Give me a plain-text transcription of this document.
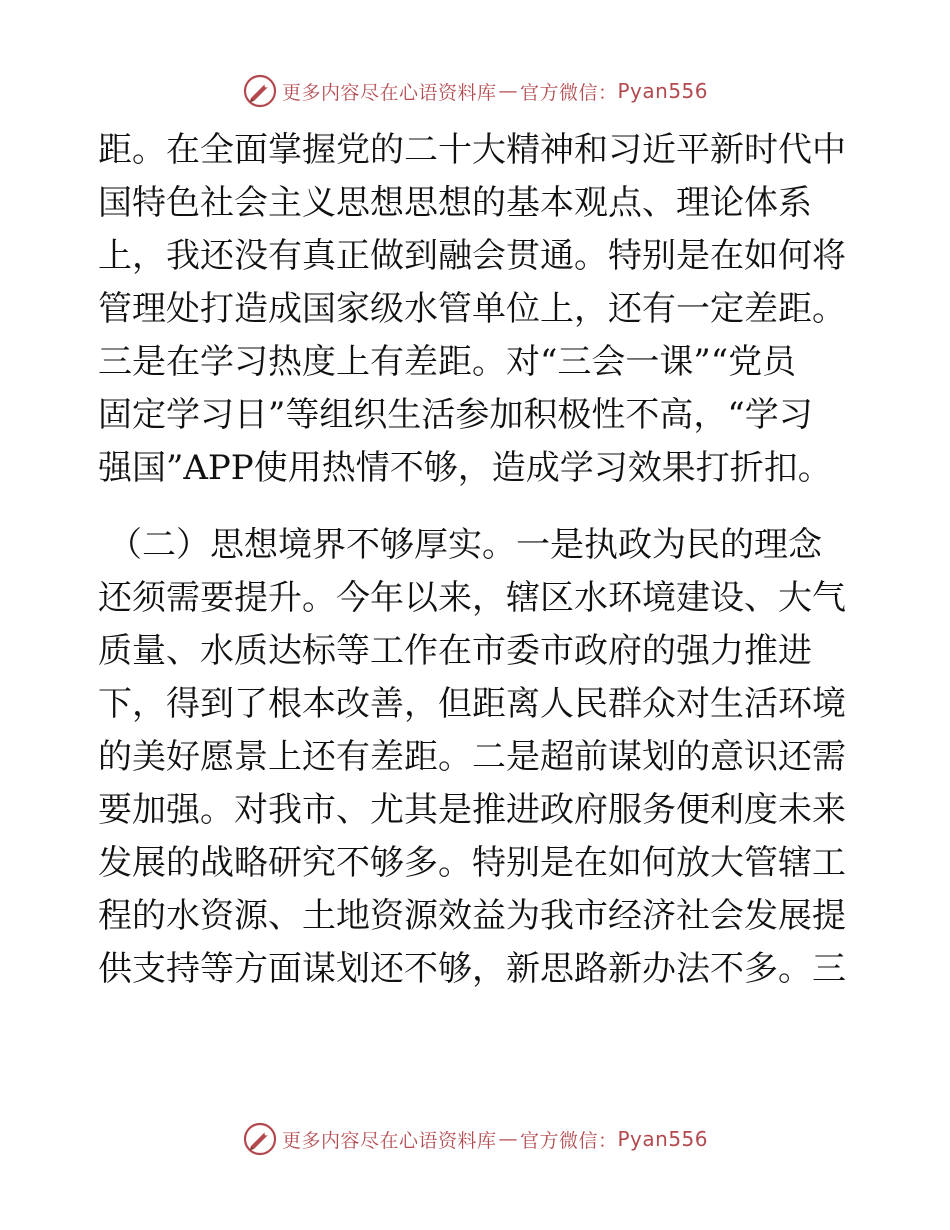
更多内容尽在心语资料库 — 官方微信： Pyan556
距。在全面掌握党的二十大精神和习近平新时代中
国特色社会主义思想思想的基本观点、理论体系
上，我还没有真正做到融会贯通。特别是在如何将
管理处打造成国家级水管单位上，还有一定差距。
三是在学习热度上有差距。对“三会一课”“党员
固定学习日”等组织生活参加积极性不高，“学习
强国”APP使用热情不够，造成学习效果打折扣。
（二）思想境界不够厚实。一是执政为民的理念
还须需要提升。今年以来，辖区水环境建设、大气
质量、水质达标等工作在市委市政府的强力推进
下，得到了根本改善，但距离人民群众对生活环境
的美好愿景上还有差距。二是超前谋划的意识还需
要加强。对我市、尤其是推进政府服务便利度未来
发展的战略研究不够多。特别是在如何放大管辖工
程的水资源、土地资源效益为我市经济社会发展提
供支持等方面谋划还不够，新思路新办法不多。三
更多内容尽在心语资料库 — 官方微信： Pyan556
